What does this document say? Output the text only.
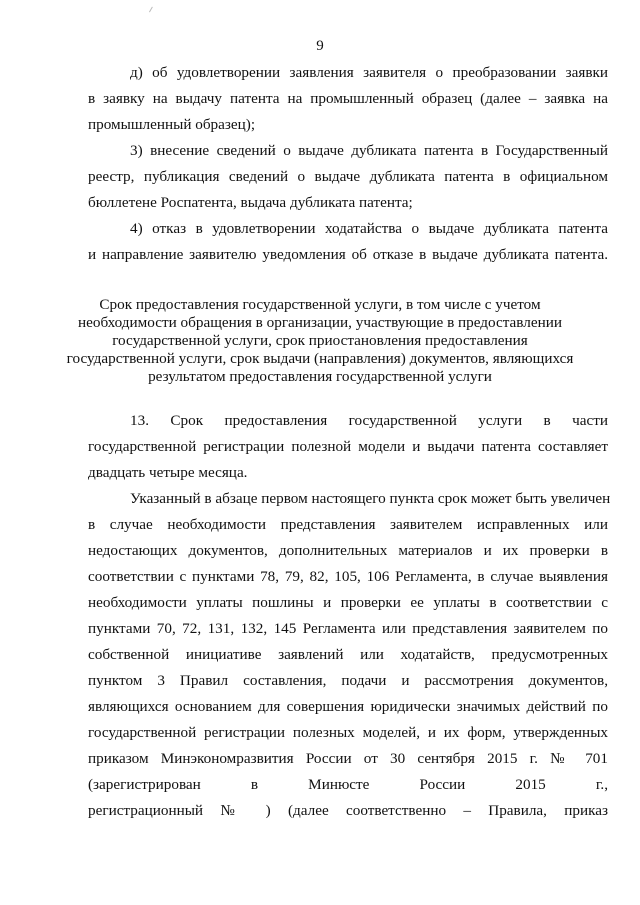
9
д) об удовлетворении заявления заявителя о преобразовании заявки
в заявку на выдачу патента на промышленный образец (далее – заявка на
промышленный образец);
3) внесение сведений о выдаче дубликата патента в Государственный
реестр, публикация сведений о выдаче дубликата патента в официальном
бюллетене Роспатента, выдача дубликата патента;
4) отказ в удовлетворении ходатайства о выдаче дубликата патента
и направление заявителю уведомления об отказе в выдаче дубликата патента.
Срок предоставления государственной услуги, в том числе с учетом
необходимости обращения в организации, участвующие в предоставлении
государственной услуги, срок приостановления предоставления
государственной услуги, срок выдачи (направления) документов, являющихся
результатом предоставления государственной услуги
13. Срок предоставления государственной услуги в части
государственной регистрации полезной модели и выдачи патента составляет
двадцать четыре месяца.
Указанный в абзаце первом настоящего пункта срок может быть увеличен
в случае необходимости представления заявителем исправленных или
недостающих документов, дополнительных материалов и их проверки в
соответствии с пунктами 78, 79, 82, 105, 106 Регламента, в случае выявления
необходимости уплаты пошлины и проверки ее уплаты в соответствии с
пунктами 70, 72, 131, 132, 145 Регламента или представления заявителем по
собственной инициативе заявлений или ходатайств, предусмотренных
пунктом 3 Правил составления, подачи и рассмотрения документов,
являющихся основанием для совершения юридически значимых действий по
государственной регистрации полезных моделей, и их форм, утвержденных
приказом Минэкономразвития России от 30 сентября 2015 г. № 701
(зарегистрирован в Минюсте России 2015 г.,
регистрационный № ) (далее соответственно – Правила, приказ
